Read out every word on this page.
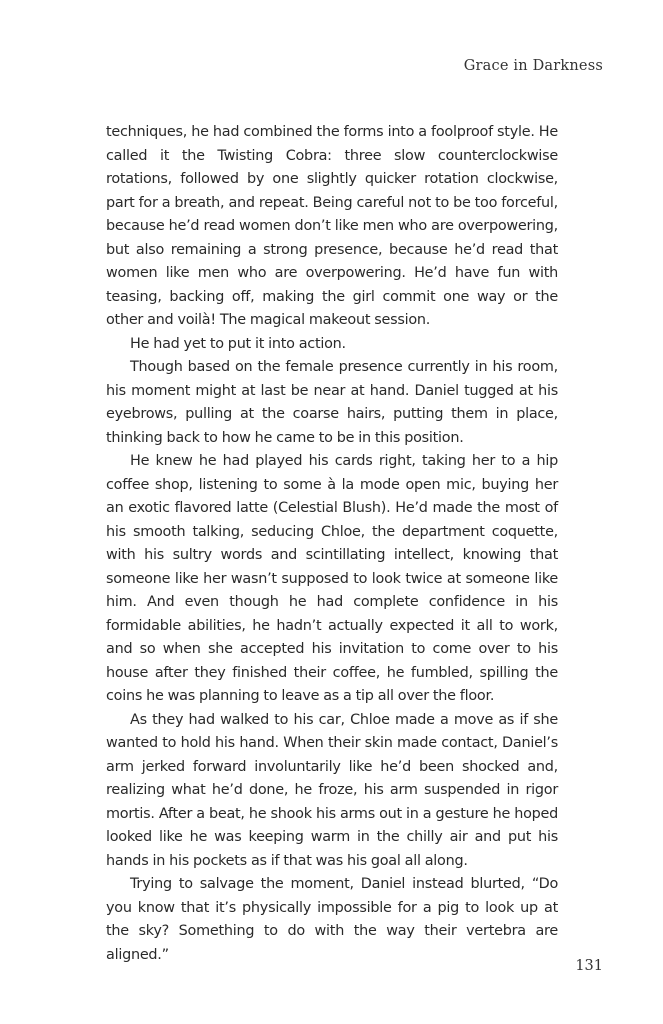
Grace in Darkness

techniques, he had combined the forms into a foolproof style. He called it the Twisting Cobra: three slow counterclockwise rotations, followed by one slightly quicker rotation clockwise, part for a breath, and repeat. Being careful not to be too forceful, because he’d read women don’t like men who are overpowering, but also remaining a strong presence, because he’d read that women like men who are overpowering. He’d have fun with teasing, backing off, making the girl commit one way or the other and voilà! The magical makeout session.

He had yet to put it into action.

Though based on the female presence currently in his room, his moment might at last be near at hand. Daniel tugged at his eyebrows, pulling at the coarse hairs, putting them in place, thinking back to how he came to be in this position.

He knew he had played his cards right, taking her to a hip coffee shop, listening to some à la mode open mic, buying her an exotic flavored latte (Celestial Blush). He’d made the most of his smooth talking, seducing Chloe, the department coquette, with his sultry words and scintillating intellect, knowing that someone like her wasn’t supposed to look twice at someone like him. And even though he had complete confidence in his formidable abilities, he hadn’t actually expected it all to work, and so when she accepted his invitation to come over to his house after they finished their coffee, he fumbled, spilling the coins he was planning to leave as a tip all over the floor.

As they had walked to his car, Chloe made a move as if she wanted to hold his hand. When their skin made contact, Daniel’s arm jerked forward involuntarily like he’d been shocked and, realizing what he’d done, he froze, his arm suspended in rigor mortis. After a beat, he shook his arms out in a gesture he hoped looked like he was keeping warm in the chilly air and put his hands in his pockets as if that was his goal all along.

Trying to salvage the moment, Daniel instead blurted, “Do you know that it’s physically impossible for a pig to look up at the sky? Something to do with the way their vertebra are aligned.”

131
